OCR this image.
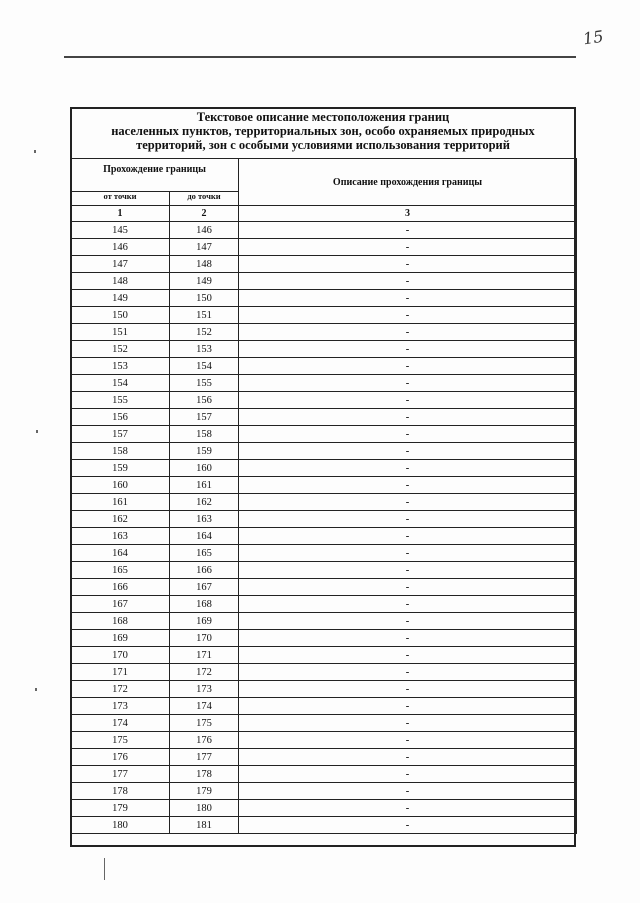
15
Текстовое описание местоположения границ
населенных пунктов, территориальных зон, особо охраняемых природных
территорий, зон с особыми условиями использования территорий
Прохождение границы		Описание прохождения границы
от точки	до точки	
1	2	3
145	146	-
146	147	-
147	148	-
148	149	-
149	150	-
150	151	-
151	152	-
152	153	-
153	154	-
154	155	-
155	156	-
156	157	-
157	158	-
158	159	-
159	160	-
160	161	-
161	162	-
162	163	-
163	164	-
164	165	-
165	166	-
166	167	-
167	168	-
168	169	-
169	170	-
170	171	-
171	172	-
172	173	-
173	174	-
174	175	-
175	176	-
176	177	-
177	178	-
178	179	-
179	180	-
180	181	-
